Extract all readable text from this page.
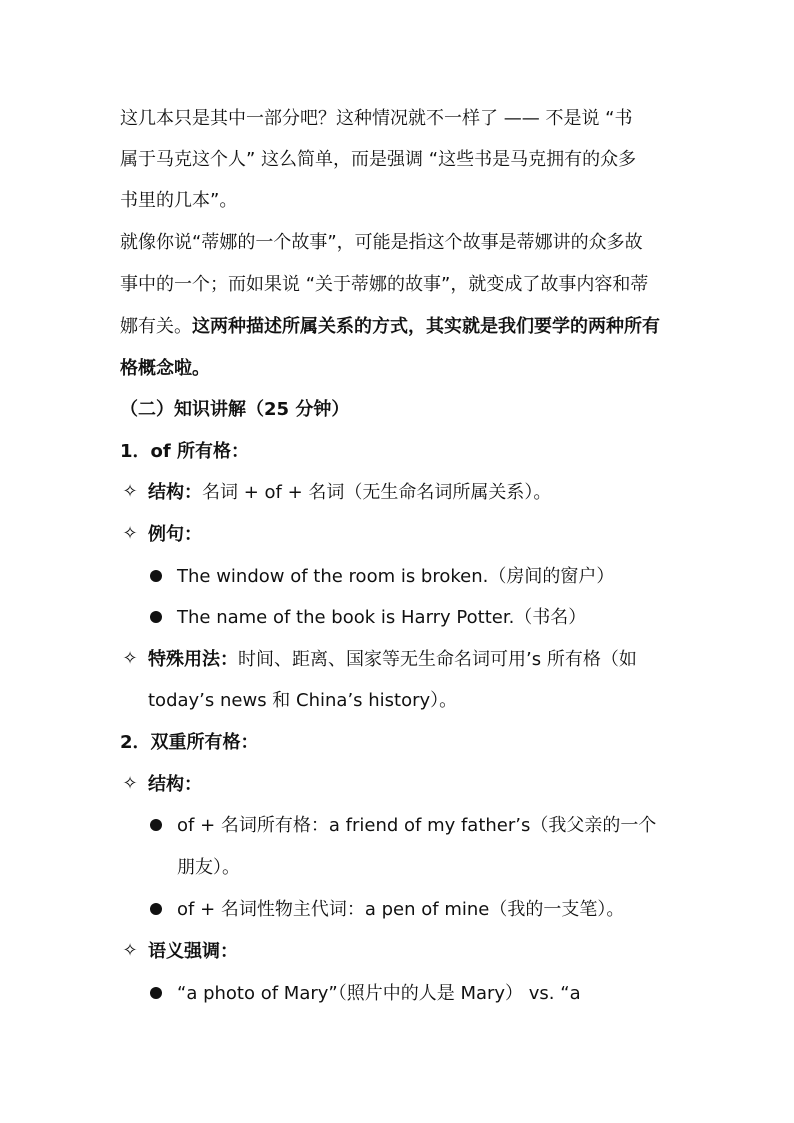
这几本只是其中一部分吧？这种情况就不一样了 —— 不是说 “书
属于马克这个人” 这么简单，而是强调 “这些书是马克拥有的众多
书里的几本”。
就像你说“蒂娜的一个故事”，可能是指这个故事是蒂娜讲的众多故
事中的一个；而如果说 “关于蒂娜的故事”，就变成了故事内容和蒂
娜有关。这两种描述所属关系的方式，其实就是我们要学的两种所有
格概念啦。
（二）知识讲解（25 分钟）
1．of 所有格：
✧ 结构：名词 + of + 名词（无生命名词所属关系）。
✧ 例句：
The window of the room is broken.（房间的窗户）
The name of the book is Harry Potter.（书名）
✧ 特殊用法：时间、距离、国家等无生命名词可用’s 所有格（如
today’s news 和 China’s history）。
2．双重所有格：
✧ 结构：
of + 名词所有格：a friend of my father’s（我父亲的一个
朋友）。
of + 名词性物主代词：a pen of mine（我的一支笔）。
✧ 语义强调：
“a photo of Mary”（照片中的人是 Mary） vs. “a
